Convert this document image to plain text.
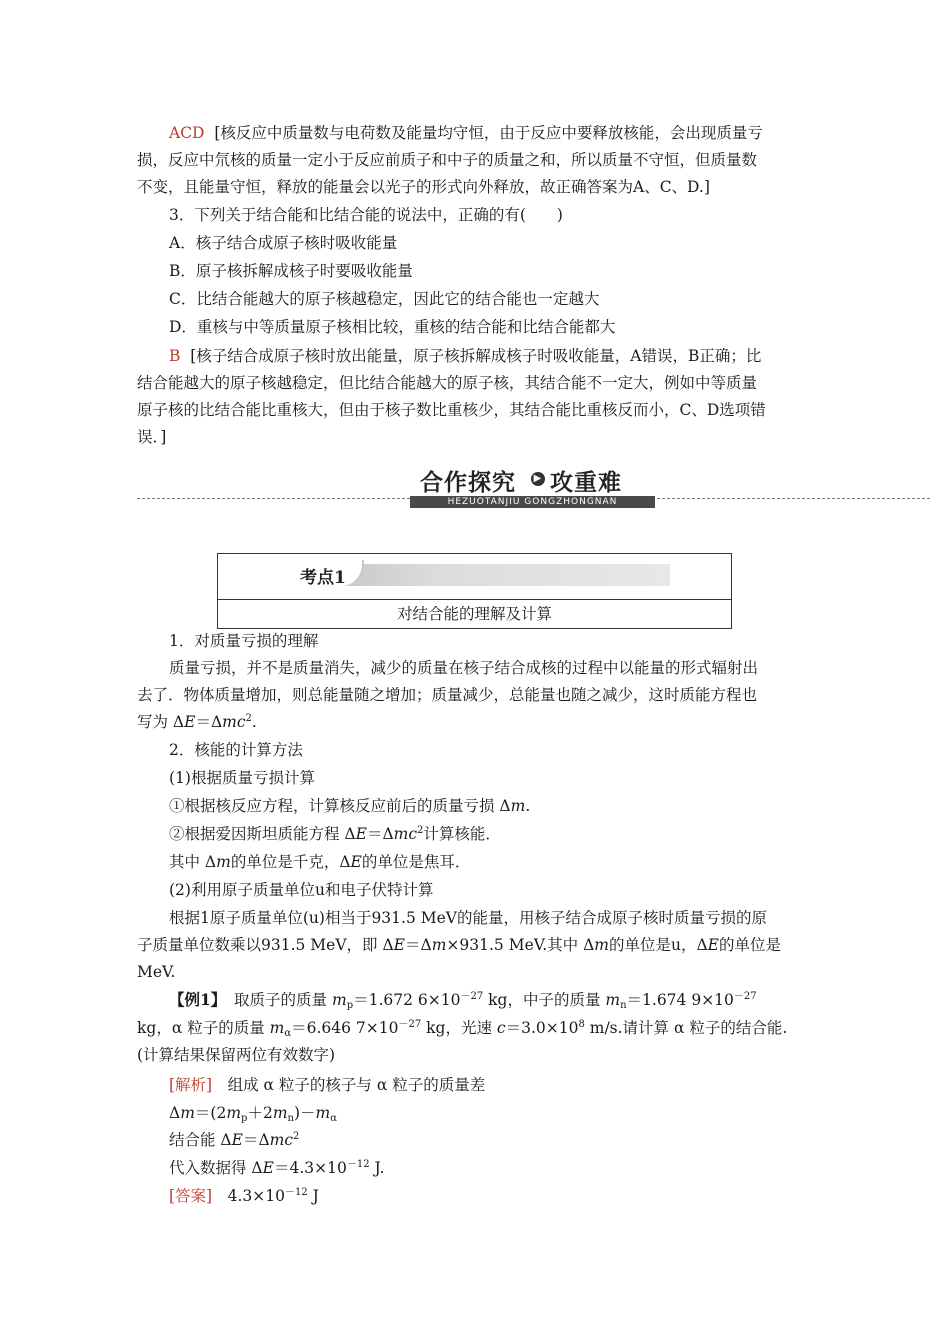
ACD [核反应中质量数与电荷数及能量均守恒，由于反应中要释放核能，会出现质量亏
损，反应中氘核的质量一定小于反应前质子和中子的质量之和，所以质量不守恒，但质量数
不变，且能量守恒，释放的能量会以光子的形式向外释放，故正确答案为A、C、D.]
3．下列关于结合能和比结合能的说法中，正确的有(　　)
A．核子结合成原子核时吸收能量
B．原子核拆解成核子时要吸收能量
C．比结合能越大的原子核越稳定，因此它的结合能也一定越大
D．重核与中等质量原子核相比较，重核的结合能和比结合能都大
B [核子结合成原子核时放出能量，原子核拆解成核子时吸收能量，A错误，B正确；比
结合能越大的原子核越稳定，但比结合能越大的原子核，其结合能不一定大，例如中等质量
原子核的比结合能比重核大，但由于核子数比重核少，其结合能比重核反而小，C、D选项错
误．]
合作探究 ▶ 攻重难
HEZUOTANJIU GONGZHONGNAN
考点1
对结合能的理解及计算
1．对质量亏损的理解
质量亏损，并不是质量消失，减少的质量在核子结合成核的过程中以能量的形式辐射出
去了．物体质量增加，则总能量随之增加；质量减少，总能量也随之减少，这时质能方程也
写为 ΔE＝Δmc$^2$.
2．核能的计算方法
(1)根据质量亏损计算
①根据核反应方程，计算核反应前后的质量亏损 Δm.
②根据爱因斯坦质能方程 ΔE＝Δmc$^2$计算核能．
其中 Δm的单位是千克，ΔE的单位是焦耳．
(2)利用原子质量单位u和电子伏特计算
根据1原子质量单位(u)相当于931.5 MeV的能量，用核子结合成原子核时质量亏损的原
子质量单位数乘以931.5 MeV，即 ΔE＝Δm×931.5 MeV.其中 Δm的单位是u，ΔE的单位是
MeV.
【例1】　取质子的质量 $m_p=1.672$ $6\times 10^{-27}$ kg，中子的质量 $m_n=1.674$ $9\times 10^{-27}$
kg，α 粒子的质量 $m_\alpha=6.646$ $7\times 10^{-27}$ kg，光速 $c=3.0\times 10^8$ m/s.请计算 α 粒子的结合能.
(计算结果保留两位有效数字)
[解析]　组成 α 粒子的核子与 α 粒子的质量差
$\Delta m=(2m_p+2m_n)-m_\alpha$
结合能 ΔE＝Δmc$^2$
代入数据得 $\Delta E=4.3\times 10^{-12}$ J.
[答案]　$4.3\times 10^{-12}$ J
